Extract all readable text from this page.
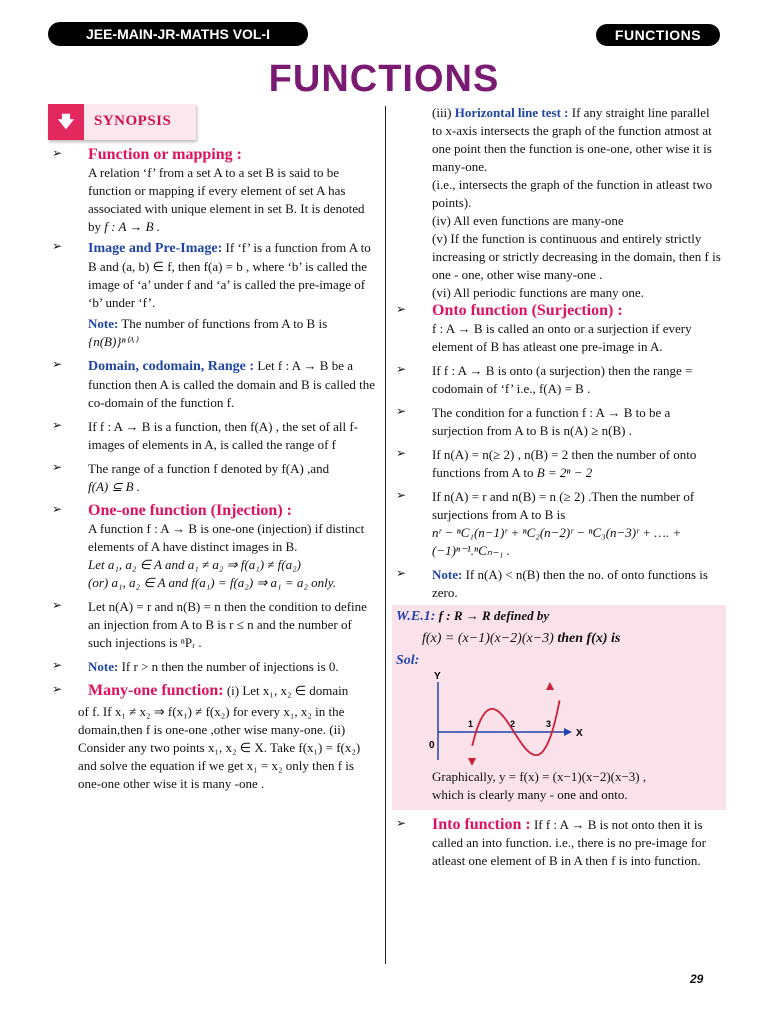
JEE-MAIN-JR-MATHS VOL-I	FUNCTIONS
FUNCTIONS
🡇	SYNOPSIS
➢ Function or mapping :
A relation ‘f’ from a set A to a set B is said to be function or mapping if every element of set A has associated with unique element in set B. It is denoted by f : A → B .
➢ Image and Pre-Image: If ‘f’ is a function from A to B and (a, b) ∈ f, then f(a) = b , where ‘b’ is called the image of ‘a’ under f and ‘a’ is called the pre-image of ‘b’ under ‘f’.
Note: The number of functions from A to B is
{n(B)}ⁿ⁽ᴬ⁾
➢ Domain, codomain, Range : Let f : A → B be a function then A is called the domain and B is called the co-domain of the function f.
➢ If f : A → B is a function, then f(A) , the set of all f-images of elements in A, is called the range of f
➢ The range of a function f denoted by f(A) ,and
f(A) ⊆ B .
➢ One-one function (Injection) :
A function f : A → B is one-one (injection) if distinct elements of A have distinct images in B.
Let a₁, a₂ ∈ A and a₁ ≠ a₂ ⇒ f(a₁) ≠ f(a₂)
(or) a₁, a₂ ∈ A and f(a₁) = f(a₂) ⇒ a₁ = a₂ only.
➢ Let n(A) = r and n(B) = n then the condition to define an injection from A to B is r ≤ n and the number of such injections is ⁿPᵣ .
➢ Note: If r > n then the number of injections is 0.
➢ Many-one function: (i) Let x₁, x₂ ∈ domain
of f. If x₁ ≠ x₂ ⇒ f(x₁) ≠ f(x₂) for every x₁, x₂ in the domain,then f is one-one ,other wise many-one. (ii) Consider any two points x₁, x₂ ∈ X. Take f(x₁) = f(x₂) and solve the equation if we get x₁ = x₂ only then f is one-one other wise it is many -one .
(iii) Horizontal line test : If any straight line parallel to x-axis intersects the graph of the function atmost at one point then the function is one-one, other wise it is many-one.
(i.e., intersects the graph of the function in atleast two points).
(iv) All even functions are many-one
(v) If the function is continuous and entirely strictly increasing or strictly decreasing in the domain, then f is one - one, other wise many-one .
(vi) All periodic functions are many one.
➢ Onto function (Surjection) :
f : A → B is called an onto or a surjection if every element of B has atleast one pre-image in A.
➢ If f : A → B is onto (a surjection) then the range = codomain of ‘f’ i.e., f(A) = B .
➢ The condition for a function f : A → B to be a surjection from A to B is n(A) ≥ n(B) .
➢ If n(A) = n(≥ 2) , n(B) = 2 then the number of onto functions from A to B = 2ⁿ − 2
➢ If n(A) = r and n(B) = n (≥ 2) .Then the number of surjections from A to B is
nʳ − ⁿC₁(n−1)ʳ + ⁿC₂(n−2)ʳ − ⁿC₃(n−3)ʳ + …. + (−1)ⁿ⁻¹.ⁿCₙ₋₁ .
➢ Note: If n(A) < n(B) then the no. of onto functions is zero.
W.E.1: f : R → R defined by
f(x) = (x−1)(x−2)(x−3) then f(x) is
Sol:
Y
X
0
1	2	3
Graphically, y = f(x) = (x−1)(x−2)(x−3) ,
which is clearly many - one and onto.
➢ Into function : If f : A → B is not onto then it is called an into function. i.e., there is no pre-image for atleast one element of B in A then f is into function.
29
